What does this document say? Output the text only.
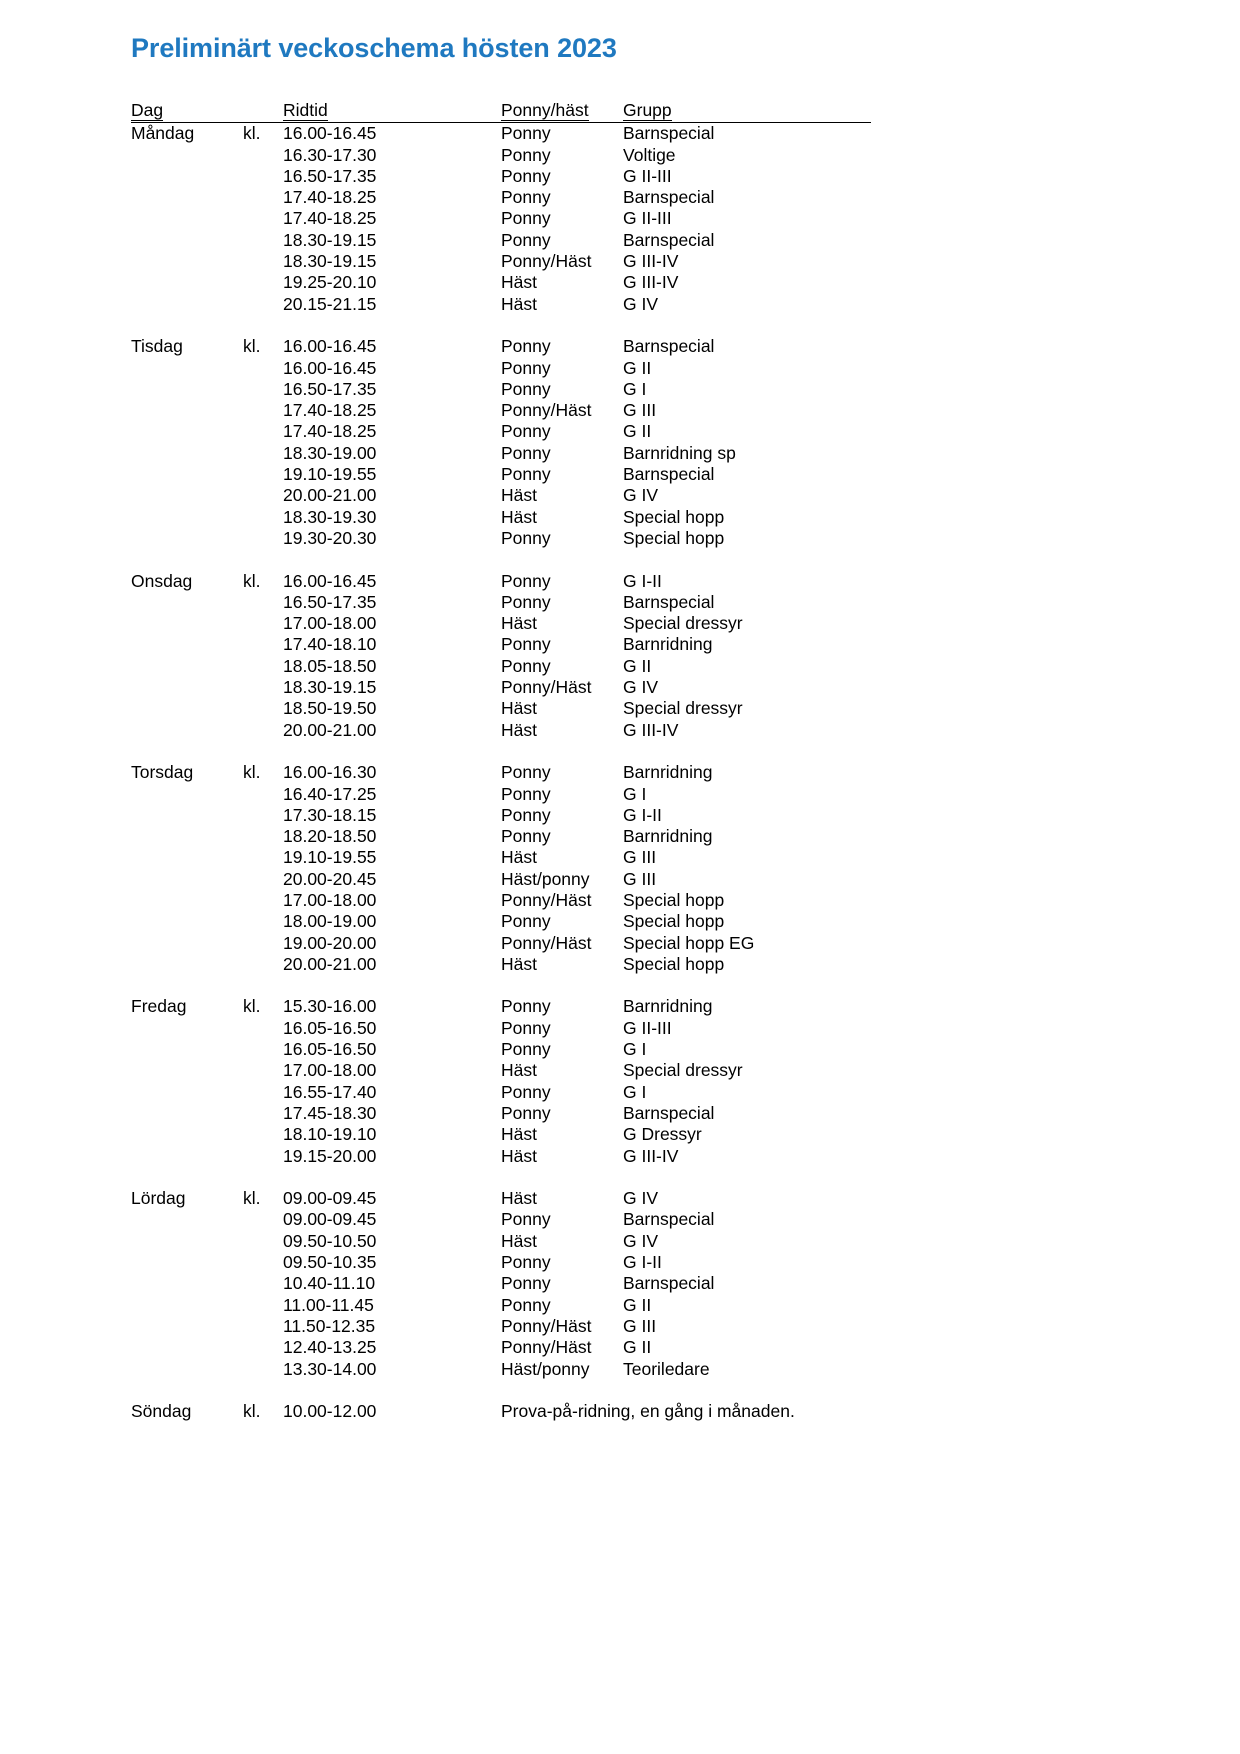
Preliminärt veckoschema hösten 2023
Dag		Ridtid	Ponny/häst	Grupp
Måndag	kl.	16.00-16.45	Ponny	Barnspecial
		16.30-17.30	Ponny	Voltige
		16.50-17.35	Ponny	G II-III
		17.40-18.25	Ponny	Barnspecial
		17.40-18.25	Ponny	G II-III
		18.30-19.15	Ponny	Barnspecial
		18.30-19.15	Ponny/Häst	G III-IV
		19.25-20.10	Häst	G III-IV
		20.15-21.15	Häst	G IV

Tisdag	kl.	16.00-16.45	Ponny	Barnspecial
		16.00-16.45	Ponny	G II
		16.50-17.35	Ponny	G I
		17.40-18.25	Ponny/Häst	G III
		17.40-18.25	Ponny	G II
		18.30-19.00	Ponny	Barnridning sp
		19.10-19.55	Ponny	Barnspecial
		20.00-21.00	Häst	G IV
		18.30-19.30	Häst	Special hopp
		19.30-20.30	Ponny	Special hopp

Onsdag	kl.	16.00-16.45	Ponny	G I-II
		16.50-17.35	Ponny	Barnspecial
		17.00-18.00	Häst	Special dressyr
		17.40-18.10	Ponny	Barnridning
		18.05-18.50	Ponny	G II
		18.30-19.15	Ponny/Häst	G IV
		18.50-19.50	Häst	Special dressyr
		20.00-21.00	Häst	G III-IV

Torsdag	kl.	16.00-16.30	Ponny	Barnridning
		16.40-17.25	Ponny	G I
		17.30-18.15	Ponny	G I-II
		18.20-18.50	Ponny	Barnridning
		19.10-19.55	Häst	G III
		20.00-20.45	Häst/ponny	G III
		17.00-18.00	Ponny/Häst	Special hopp
		18.00-19.00	Ponny	Special hopp
		19.00-20.00	Ponny/Häst	Special hopp EG
		20.00-21.00	Häst	Special hopp

Fredag	kl.	15.30-16.00	Ponny	Barnridning
		16.05-16.50	Ponny	G II-III
		16.05-16.50	Ponny	G I
		17.00-18.00	Häst	Special dressyr
		16.55-17.40	Ponny	G I
		17.45-18.30	Ponny	Barnspecial
		18.10-19.10	Häst	G Dressyr
		19.15-20.00	Häst	G III-IV

Lördag	kl.	09.00-09.45	Häst	G IV
		09.00-09.45	Ponny	Barnspecial
		09.50-10.50	Häst	G IV
		09.50-10.35	Ponny	G I-II
		10.40-11.10	Ponny	Barnspecial
		11.00-11.45	Ponny	G II
		11.50-12.35	Ponny/Häst	G III
		12.40-13.25	Ponny/Häst	G II
		13.30-14.00	Häst/ponny	Teoriledare

Söndag	kl.	10.00-12.00	Prova-på-ridning, en gång i månaden.	
